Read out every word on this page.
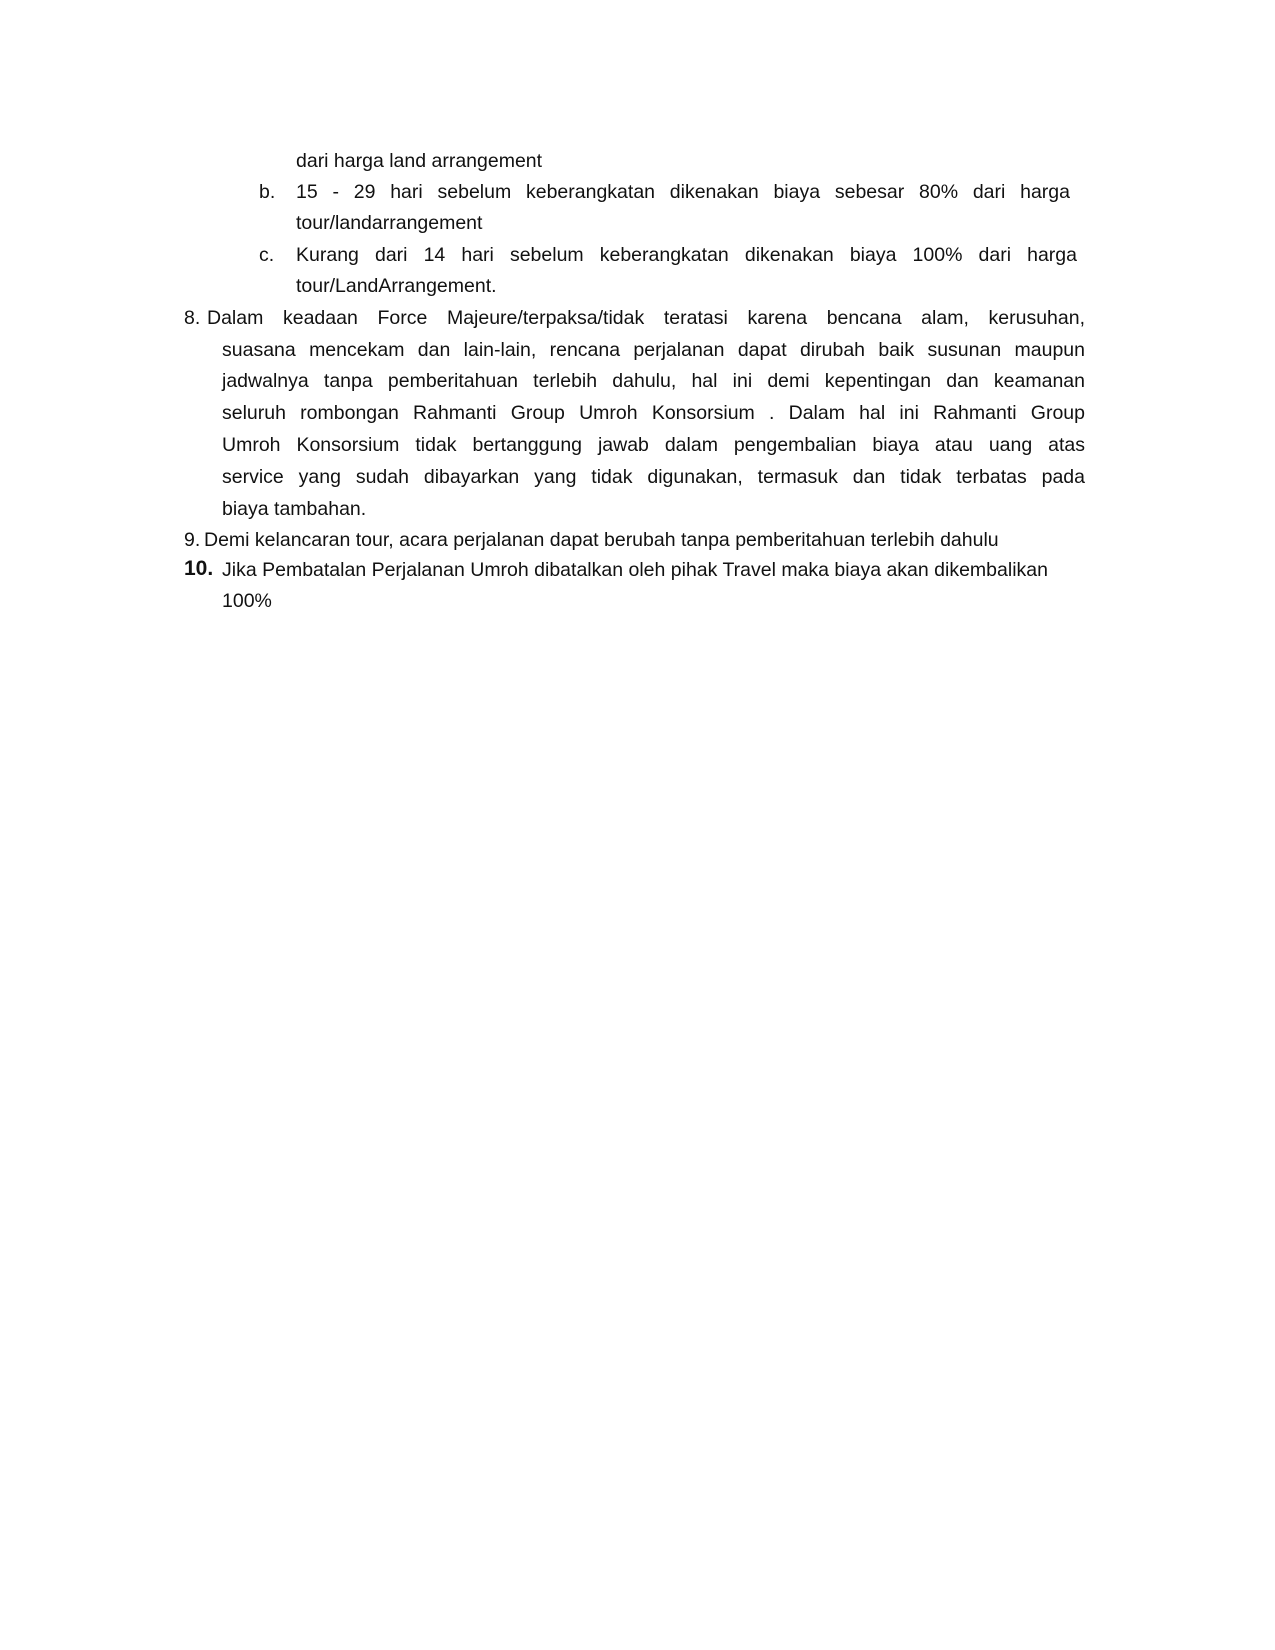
dari harga land arrangement
b. 15 - 29 hari sebelum keberangkatan dikenakan biaya sebesar 80% dari harga
tour/landarrangement
c. Kurang dari 14 hari sebelum keberangkatan dikenakan biaya 100% dari harga
tour/LandArrangement.
8. Dalam keadaan Force Majeure/terpaksa/tidak teratasi karena bencana alam, kerusuhan,
suasana mencekam dan lain-lain, rencana perjalanan dapat dirubah baik susunan maupun
jadwalnya tanpa pemberitahuan terlebih dahulu, hal ini demi kepentingan dan keamanan
seluruh rombongan Rahmanti Group Umroh Konsorsium . Dalam hal ini Rahmanti Group
Umroh Konsorsium tidak bertanggung jawab dalam pengembalian biaya atau uang atas
service yang sudah dibayarkan yang tidak digunakan, termasuk dan tidak terbatas pada
biaya tambahan.
9. Demi kelancaran tour, acara perjalanan dapat berubah tanpa pemberitahuan terlebih dahulu
10. Jika Pembatalan Perjalanan Umroh dibatalkan oleh pihak Travel maka biaya akan dikembalikan
100%
